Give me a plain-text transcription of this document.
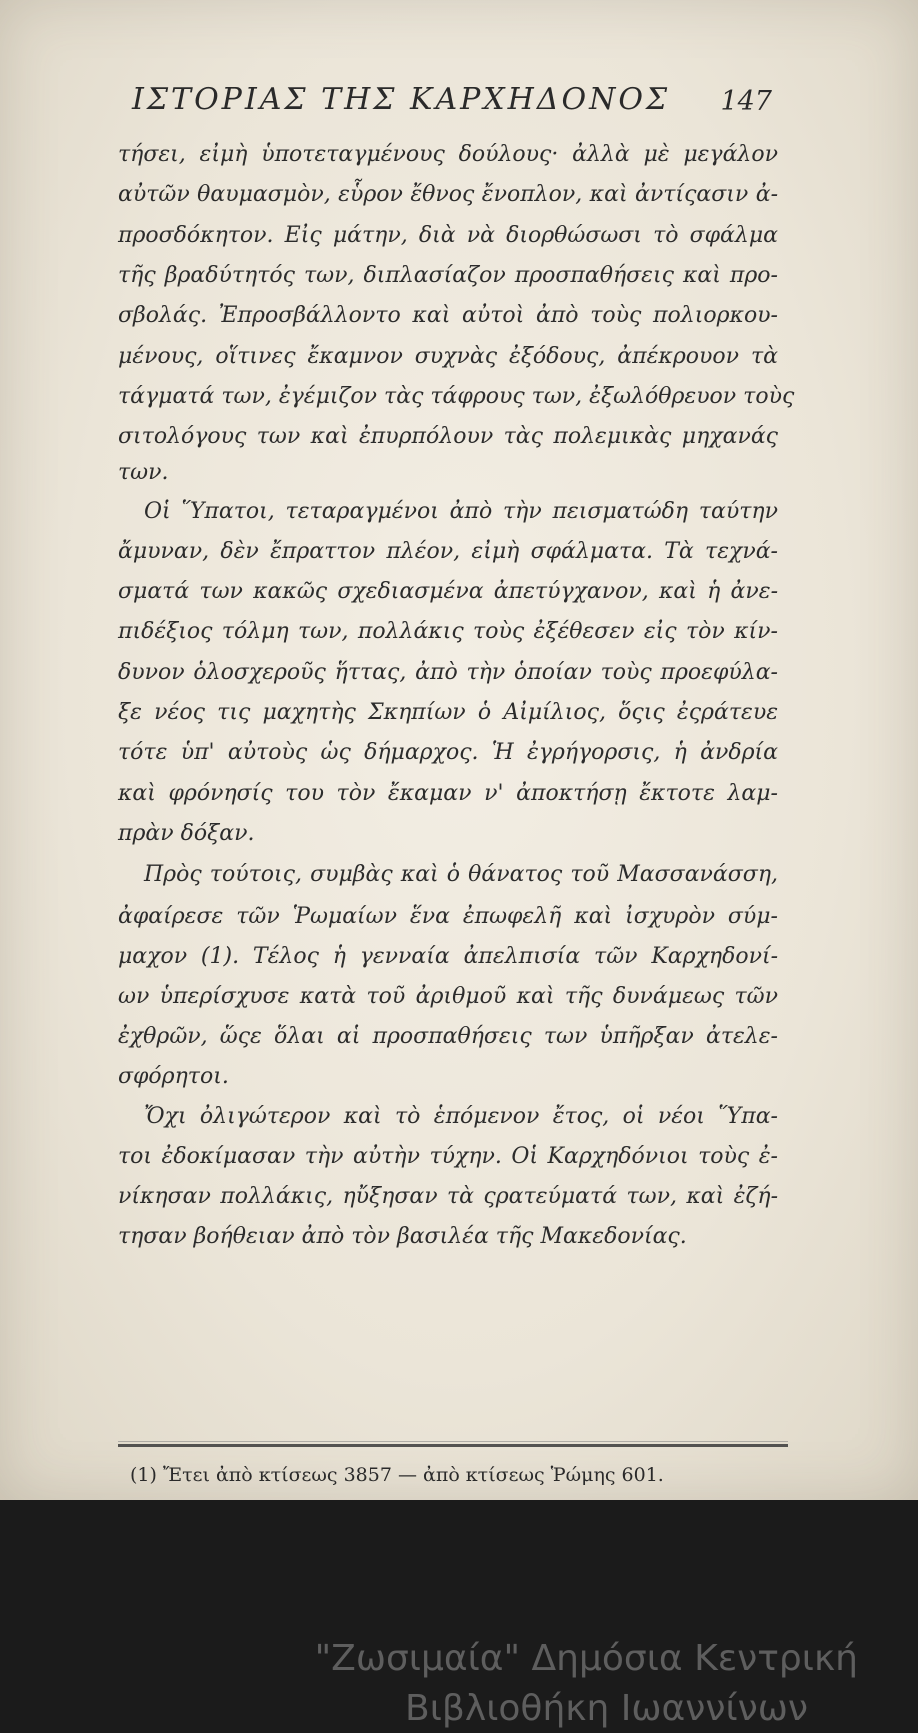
ΙΣΤΟΡΙΑΣ ΤΗΣ ΚΑΡΧΗΔΟΝΟΣ 147
τήσει, εἰμὴ ὑποτεταγμένους δούλους· ἀλλὰ μὲ μεγάλον
αὐτῶν θαυμασμὸν, εὗρον ἔθνος ἔνοπλον, καὶ ἀντίςασιν ἀ-
προσδόκητον. Εἰς μάτην, διὰ νὰ διορθώσωσι τὸ σφάλμα
τῆς βραδύτητός των, διπλασίαζον προσπαθήσεις καὶ προ-
σβολάς. Ἐπροσβάλλοντο καὶ αὐτοὶ ἀπὸ τοὺς πολιορκου-
μένους, οἵτινες ἔκαμνον συχνὰς ἐξόδους, ἀπέκρουον τὰ
τάγματά των, ἐγέμιζον τὰς τάφρους των, ἐξωλόθρευον τοὺς
σιτολόγους των καὶ ἐπυρπόλουν τὰς πολεμικὰς μηχανάς
των.
Οἱ Ὕπατοι, τεταραγμένοι ἀπὸ τὴν πεισματώδη ταύτην
ἄμυναν, δὲν ἔπραττον πλέον, εἰμὴ σφάλματα. Τὰ τεχνά-
σματά των κακῶς σχεδιασμένα ἀπετύγχανον, καὶ ἡ ἀνε-
πιδέξιος τόλμη των, πολλάκις τοὺς ἐξέθεσεν εἰς τὸν κίν-
δυνον ὁλοσχεροῦς ἥττας, ἀπὸ τὴν ὁποίαν τοὺς προεφύλα-
ξε νέος τις μαχητὴς Σκηπίων ὁ Αἰμίλιος, ὅςις ἐςράτευε
τότε ὑπ' αὐτοὺς ὡς δήμαρχος. Ἡ ἐγρήγορσις, ἡ ἀνδρία
καὶ φρόνησίς του τὸν ἔκαμαν ν' ἀποκτήσῃ ἔκτοτε λαμ-
πρὰν δόξαν.
Πρὸς τούτοις, συμβὰς καὶ ὁ θάνατος τοῦ Μασσανάσση,
ἀφαίρεσε τῶν Ῥωμαίων ἕνα ἐπωφελῆ καὶ ἰσχυρὸν σύμ-
μαχον (1). Τέλος ἡ γενναία ἀπελπισία τῶν Καρχηδονί-
ων ὑπερίσχυσε κατὰ τοῦ ἀριθμοῦ καὶ τῆς δυνάμεως τῶν
ἐχθρῶν, ὥςε ὅλαι αἱ προσπαθήσεις των ὑπῆρξαν ἀτελε-
σφόρητοι.
Ὄχι ὀλιγώτερον καὶ τὸ ἑπόμενον ἔτος, οἱ νέοι Ὕπα-
τοι ἐδοκίμασαν τὴν αὐτὴν τύχην. Οἱ Καρχηδόνιοι τοὺς ἐ-
νίκησαν πολλάκις, ηὔξησαν τὰ ςρατεύματά των, καὶ ἐζή-
τησαν βοήθειαν ἀπὸ τὸν βασιλέα τῆς Μακεδονίας.
(1) Ἔτει ἀπὸ κτίσεως 3857 — ἀπὸ κτίσεως Ῥώμης 601.
"Ζωσιμαία" Δημόσια Κεντρική
Βιβλιοθήκη Ιωαννίνων
